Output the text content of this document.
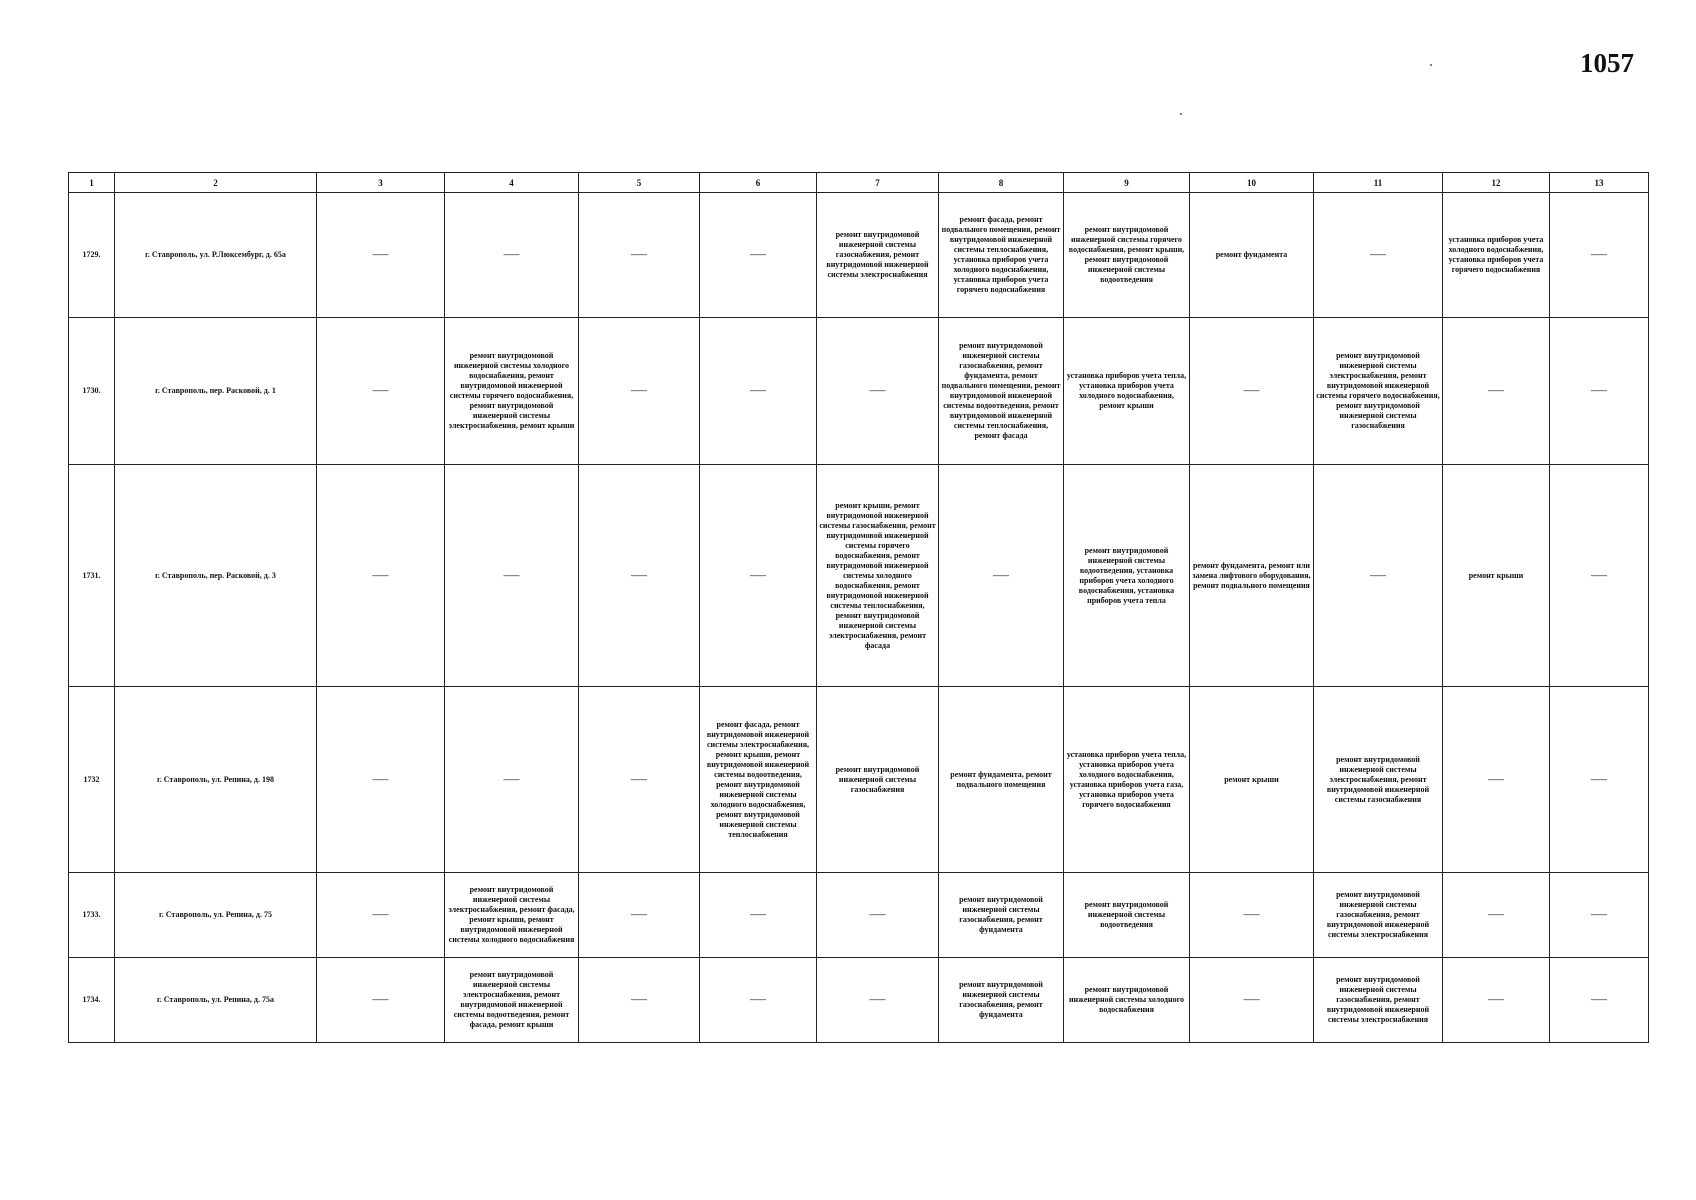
1057
1	2	3	4	5	6	7	8	9	10	11	12	13
1729.	г. Ставрополь, ул. Р.Люксембург, д. 65а	——	——	——	——	ремонт внутридомовой инженерной системы газоснабжения, ремонт внутридомовой инженерной системы электроснабжения	ремонт фасада, ремонт подвального помещения, ремонт внутридомовой инженерной системы теплоснабжения, установка приборов учета холодного водоснабжения, установка приборов учета горячего водоснабжения	ремонт внутридомовой инженерной системы горячего водоснабжения, ремонт крыши, ремонт внутридомовой инженерной системы водоотведения	ремонт фундамента	——	установка приборов учета холодного водоснабжения, установка приборов учета горячего водоснабжения	——
1730.	г. Ставрополь, пер. Расковой, д. 1	——	ремонт внутридомовой инженерной системы холодного водоснабжения, ремонт внутридомовой инженерной системы горячего водоснабжения, ремонт внутридомовой инженерной системы электроснабжения, ремонт крыши	——	——	——	ремонт внутридомовой инженерной системы газоснабжения, ремонт фундамента, ремонт подвального помещения, ремонт внутридомовой инженерной системы водоотведения, ремонт внутридомовой инженерной системы теплоснабжения, ремонт фасада	установка приборов учета тепла, установка приборов учета холодного водоснабжения, ремонт крыши	——	ремонт внутридомовой инженерной системы электроснабжения, ремонт внутридомовой инженерной системы горячего водоснабжения, ремонт внутридомовой инженерной системы газоснабжения	——	——
1731.	г. Ставрополь, пер. Расковой, д. 3	——	——	——	——	ремонт крыши, ремонт внутридомовой инженерной системы газоснабжения, ремонт внутридомовой инженерной системы горячего водоснабжения, ремонт внутридомовой инженерной системы холодного водоснабжения, ремонт внутридомовой инженерной системы теплоснабжения, ремонт внутридомовой инженерной системы электроснабжения, ремонт фасада	——	ремонт внутридомовой инженерной системы водоотведения, установка приборов учета холодного водоснабжения, установка приборов учета тепла	ремонт фундамента, ремонт или замена лифтового оборудования, ремонт подвального помещения	——	ремонт крыши	——
1732	г. Ставрополь, ул. Репина, д. 198	——	——	——	ремонт фасада, ремонт внутридомовой инженерной системы электроснабжения, ремонт крыши, ремонт внутридомовой инженерной системы водоотведения, ремонт внутридомовой инженерной системы холодного водоснабжения, ремонт внутридомовой инженерной системы теплоснабжения	ремонт внутридомовой инженерной системы газоснабжения	ремонт фундамента, ремонт подвального помещения	установка приборов учета тепла, установка приборов учета холодного водоснабжения, установка приборов учета газа, установка приборов учета горячего водоснабжения	ремонт крыши	ремонт внутридомовой инженерной системы электроснабжения, ремонт внутридомовой инженерной системы газоснабжения	——	——
1733.	г. Ставрополь, ул. Репина, д. 75	——	ремонт внутридомовой инженерной системы электроснабжения, ремонт фасада, ремонт крыши, ремонт внутридомовой инженерной системы холодного водоснабжения	——	——	——	ремонт внутридомовой инженерной системы газоснабжения, ремонт фундамента	ремонт внутридомовой инженерной системы водоотведения	——	ремонт внутридомовой инженерной системы газоснабжения, ремонт внутридомовой инженерной системы электроснабжения	——	——
1734.	г. Ставрополь, ул. Репина, д. 75а	——	ремонт внутридомовой инженерной системы электроснабжения, ремонт внутридомовой инженерной системы водоотведения, ремонт фасада, ремонт крыши	——	——	——	ремонт внутридомовой инженерной системы газоснабжения, ремонт фундамента	ремонт внутридомовой инженерной системы холодного водоснабжения	——	ремонт внутридомовой инженерной системы газоснабжения, ремонт внутридомовой инженерной системы электроснабжения	——	——
